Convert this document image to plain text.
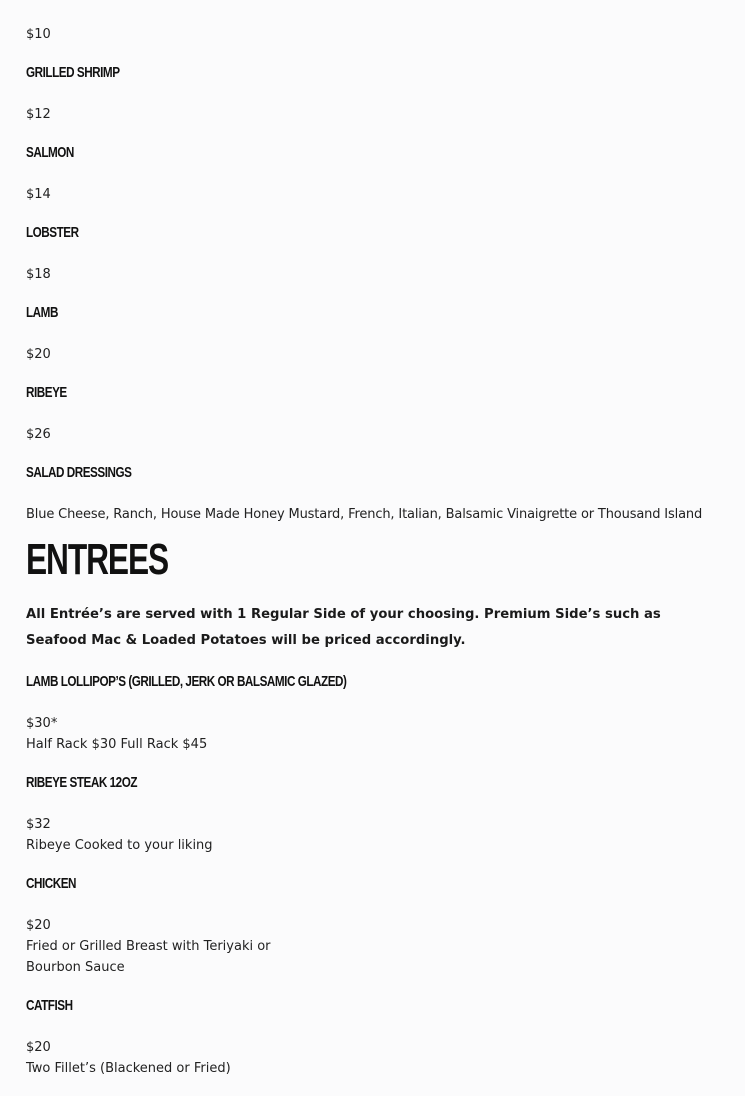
$10

GRILLED SHRIMP

$12

SALMON

$14

LOBSTER

$18

LAMB

$20

RIBEYE

$26

SALAD DRESSINGS

Blue Cheese, Ranch, House Made Honey Mustard, French, Italian, Balsamic Vinaigrette or Thousand Island

ENTREES

All Entrée’s are served with 1 Regular Side of your choosing. Premium Side’s such as Seafood Mac & Loaded Potatoes will be priced accordingly.

LAMB LOLLIPOP’S (GRILLED, JERK OR BALSAMIC GLAZED)

$30*

Half Rack $30 Full Rack $45

RIBEYE STEAK 12OZ

$32

Ribeye Cooked to your liking

CHICKEN

$20

Fried or Grilled Breast with Teriyaki or

Bourbon Sauce

CATFISH

$20

Two Fillet’s (Blackened or Fried)
